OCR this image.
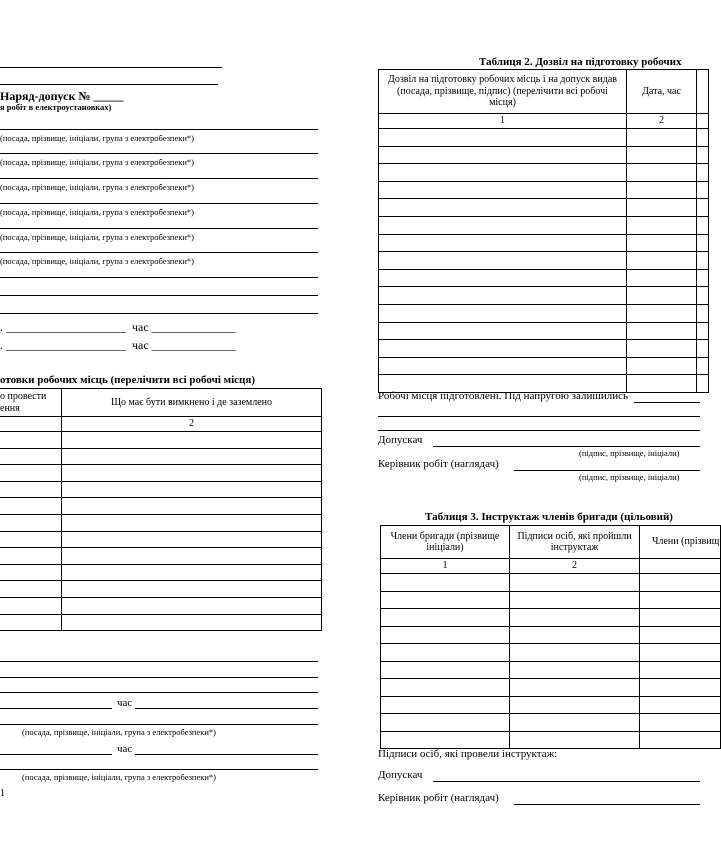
Наряд-допуск № _____
я робіт в електроустановках)
(посада, прізвище, ініціали, група з електробезпеки*)
(посада, прізвище, ініціали, група з електробезпеки*)
(посада, прізвище, ініціали, група з електробезпеки*)
(посада, прізвище, ініціали, група з електробезпеки*)
(посада, прізвище, ініціали, група з електробезпеки*)
(посада, прізвище, ініціали, група з електробезпеки*)
. ____________________ час ______________
. ____________________ час ______________
отовки робочих місць (перелічити всі робочі місця)
о провести
ення	Що має бути вимкнено і де заземлено
	2

час
(посада, прізвище, ініціали, група з електробезпеки*)
час
(посада, прізвище, ініціали, група з електробезпеки*)
1
Таблиця 2. Дозвіл на підготовку робочих
Дозвіл на підготовку робочих місць і на допуск видав (посада, прізвище, підпис) (перелічити всі робочі місця)	Дата, час	
1	2	

Робочі місця підготовлені. Під напругою залишились
Допускач
(підпис, прізвище, ініціали)
Керівник робіт (наглядач)
(підпис, прізвище, ініціали)
Таблиця 3. Інструктаж членів бригади (цільовий)
Члени бригади (прізвище ініціали)	Підписи осіб, які пройшли інструктаж	Члени (прізвищ
1	2	

Підписи осіб, які провели інструктаж:
Допускач
Керівник робіт (наглядач)
